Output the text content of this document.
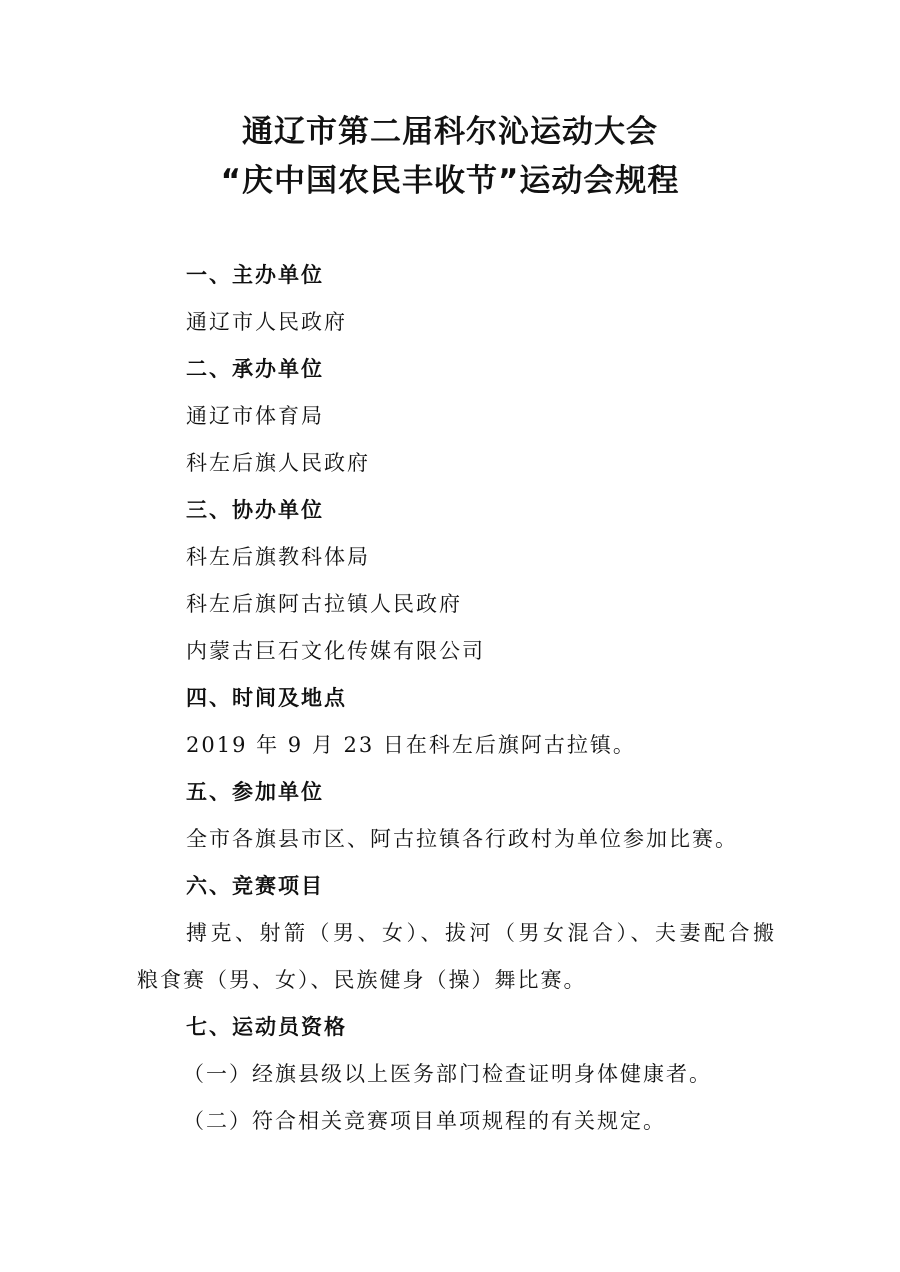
通辽市第二届科尔沁运动大会
“庆中国农民丰收节”运动会规程
一、主办单位
通辽市人民政府
二、承办单位
通辽市体育局
科左后旗人民政府
三、协办单位
科左后旗教科体局
科左后旗阿古拉镇人民政府
内蒙古巨石文化传媒有限公司
四、时间及地点
2019 年 9 月 23 日在科左后旗阿古拉镇。
五、参加单位
全市各旗县市区、阿古拉镇各行政村为单位参加比赛。
六、竞赛项目
搏克、射箭（男、女）、拔河（男女混合）、夫妻配合搬
粮食赛（男、女）、民族健身（操）舞比赛。
七、运动员资格
（一）经旗县级以上医务部门检查证明身体健康者。
（二）符合相关竞赛项目单项规程的有关规定。
